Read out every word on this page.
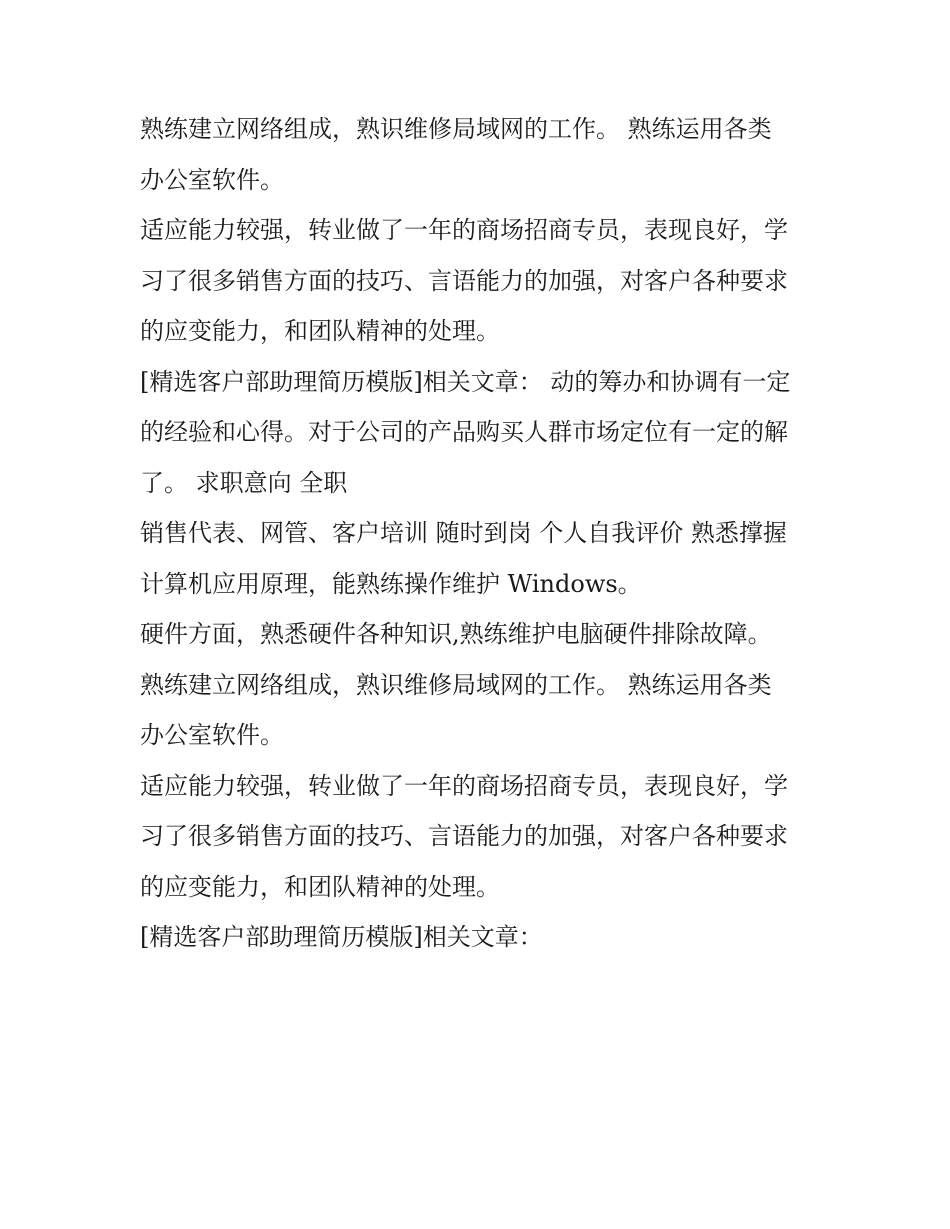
熟练建立网络组成，熟识维修局域网的工作。 熟练运用各类
办公室软件。

适应能力较强，转业做了一年的商场招商专员，表现良好，学
习了很多销售方面的技巧、言语能力的加强，对客户各种要求
的应变能力，和团队精神的处理。

[精选客户部助理简历模版]相关文章： 动的筹办和协调有一定
的经验和心得。对于公司的产品购买人群市场定位有一定的解
了。 求职意向 全职

销售代表、网管、客户培训 随时到岗 个人自我评价 熟悉撑握
计算机应用原理，能熟练操作维护 Windows。

硬件方面，熟悉硬件各种知识,熟练维护电脑硬件排除故障。

熟练建立网络组成，熟识维修局域网的工作。 熟练运用各类
办公室软件。

适应能力较强，转业做了一年的商场招商专员，表现良好，学
习了很多销售方面的技巧、言语能力的加强，对客户各种要求
的应变能力，和团队精神的处理。

[精选客户部助理简历模版]相关文章：
